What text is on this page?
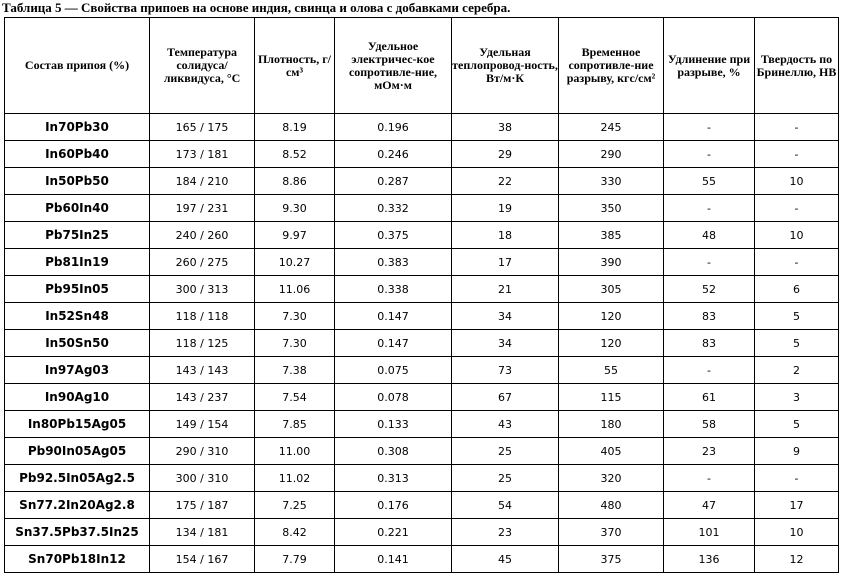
Таблица 5 — Свойства припоев на основе индия, свинца и олова с добавками серебра.
Состав припоя (%)	Температура солидуса/ ликвидуса, °С	Плотность, г/см³	Удельное электричес-кое сопротивле-ние, мОм·м	Удельная теплопровод-ность, Вт/м·К	Временное сопротивле-ние разрыву, кгс/см²	Удлинение при разрыве, %	Твердость по Бринеллю, НВ
In70Pb30	165 / 175	8.19	0.196	38	245	-	-
In60Pb40	173 / 181	8.52	0.246	29	290	-	-
In50Pb50	184 / 210	8.86	0.287	22	330	55	10
Pb60In40	197 / 231	9.30	0.332	19	350	-	-
Pb75In25	240 / 260	9.97	0.375	18	385	48	10
Pb81In19	260 / 275	10.27	0.383	17	390	-	-
Pb95In05	300 / 313	11.06	0.338	21	305	52	6
In52Sn48	118 / 118	7.30	0.147	34	120	83	5
In50Sn50	118 / 125	7.30	0.147	34	120	83	5
In97Ag03	143 / 143	7.38	0.075	73	55	-	2
In90Ag10	143 / 237	7.54	0.078	67	115	61	3
In80Pb15Ag05	149 / 154	7.85	0.133	43	180	58	5
Pb90In05Ag05	290 / 310	11.00	0.308	25	405	23	9
Pb92.5In05Ag2.5	300 / 310	11.02	0.313	25	320	-	-
Sn77.2In20Ag2.8	175 / 187	7.25	0.176	54	480	47	17
Sn37.5Pb37.5In25	134 / 181	8.42	0.221	23	370	101	10
Sn70Pb18In12	154 / 167	7.79	0.141	45	375	136	12
